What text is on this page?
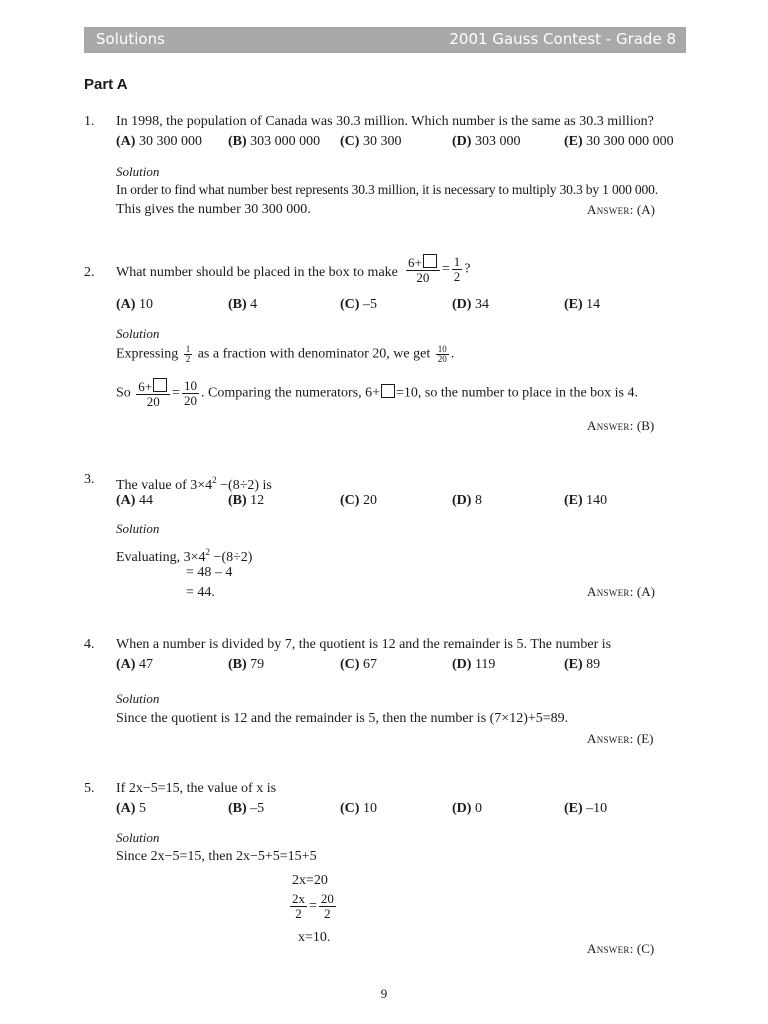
Solutions	2001 Gauss Contest - Grade 8
Part A
1. In 1998, the population of Canada was 30.3 million. Which number is the same as 30.3 million?
(A) 30 300 000 (B) 303 000 000 (C) 30 300	(D) 303 000	(E) 30 300 000 000
Solution
In order to find what number best represents 30.3 million, it is necessary to multiply 30.3 by 1 000 000.
This gives the number 30 300 000.	Answer: (A)
2. What number should be placed in the box to make $\frac{6+}{20} = \frac{1}{2}$ ?
(A) 10	(B) 4	(C) –5	(D) 34	(E) 14
Solution
Expressing $\frac{1}{2}$ as a fraction with denominator 20, we get $\frac{10}{20}$ .
So $\frac{6+}{20} = \frac{10}{20}$ . Comparing the numerators, 6+ =10, so the number to place in the box is 4.
Answer: (B)
3. The value of $3\times 4^2 -(8\div 2)$ is
(A) 44	(B) 12	(C) 20	(D) 8	(E) 140
Solution
Evaluating, $3\times 4^2 -(8\div 2)$
= 48 – 4
= 44.	Answer: (A)
4. When a number is divided by 7, the quotient is 12 and the remainder is 5. The number is
(A) 47	(B) 79	(C) 67	(D) 119	(E) 89
Solution
Since the quotient is 12 and the remainder is 5, then the number is (7×12)+5=89.
Answer: (E)
5. If 2x−5=15, the value of x is
(A) 5	(B) –5	(C) 10	(D) 0	(E) –10
Solution
Since 2x−5=15, then 2x−5+5=15+5
2x=20
$\frac{2x}{2} = \frac{20}{2}$
x=10.
Answer: (C)
9
